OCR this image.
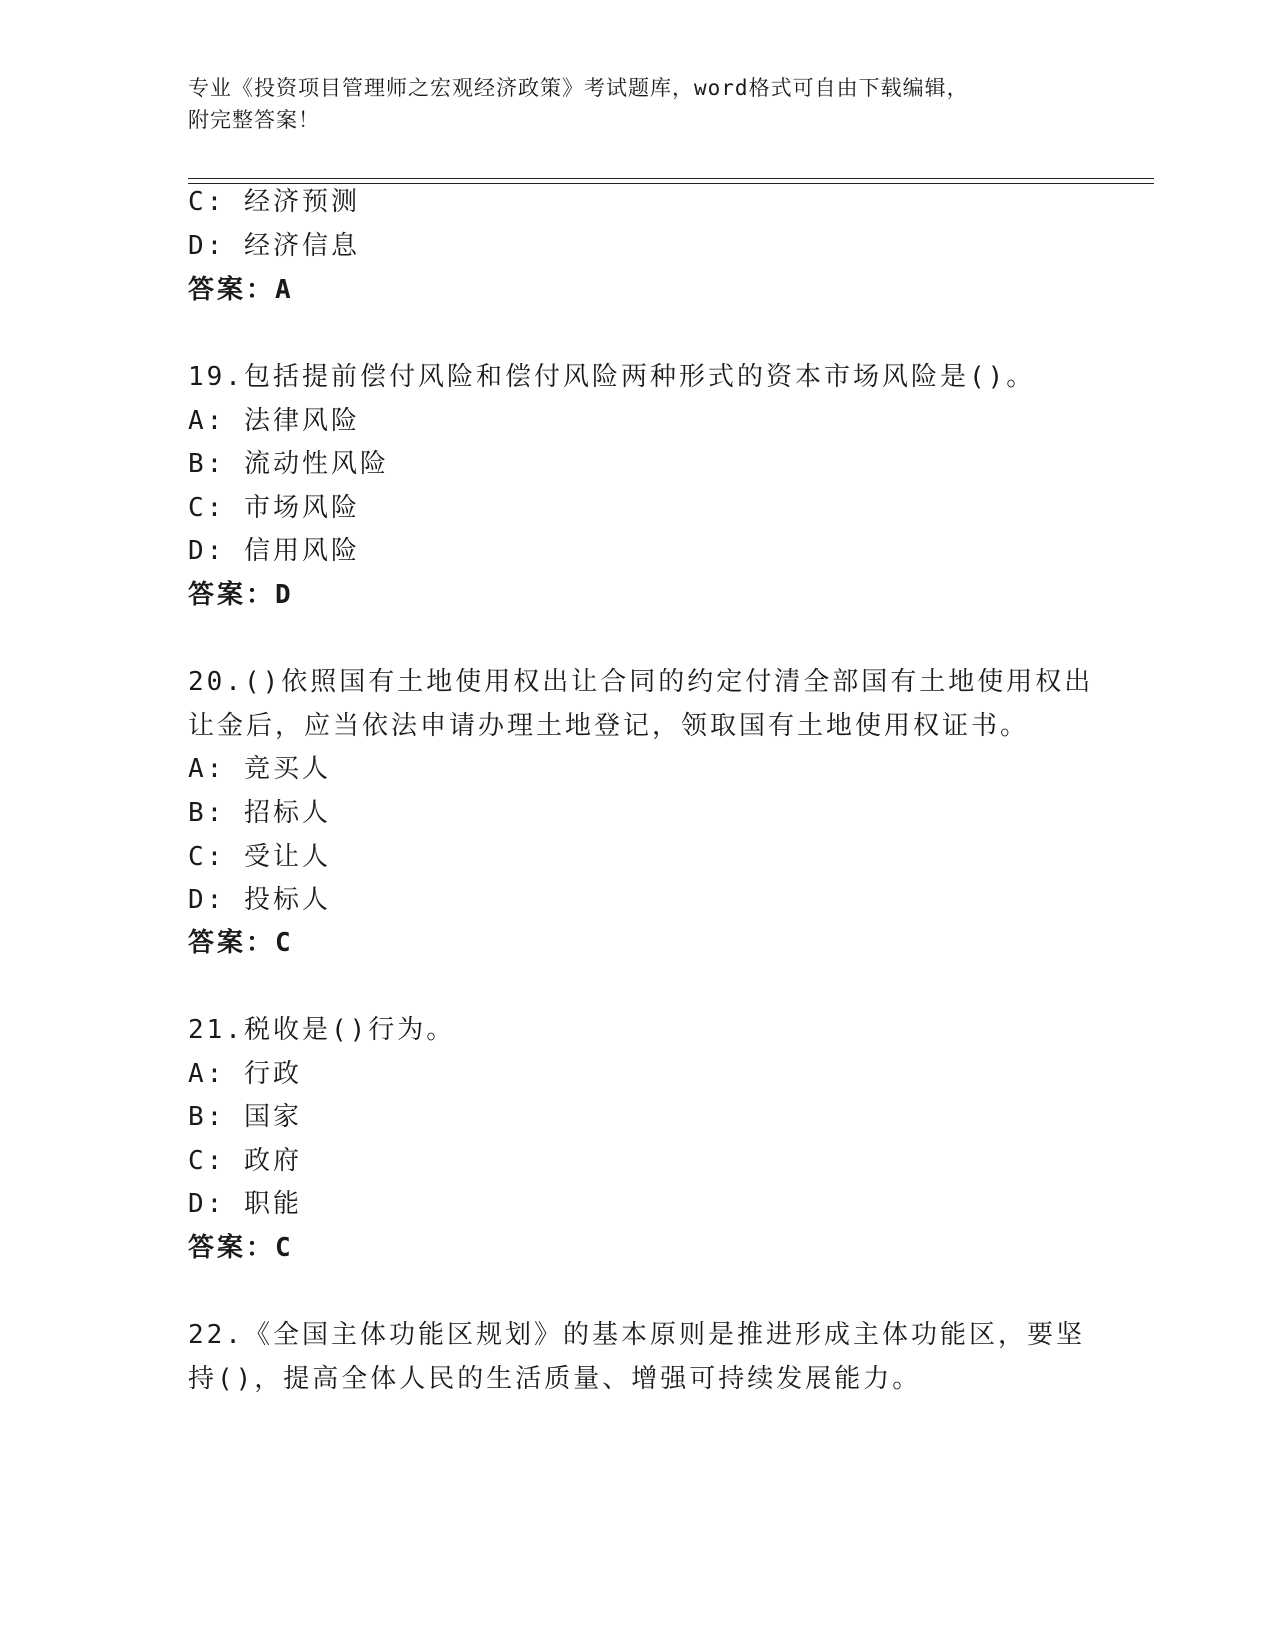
专业《投资项目管理师之宏观经济政策》考试题库，word格式可自由下载编辑，
附完整答案！
C: 经济预测
D: 经济信息
答案：A
19.包括提前偿付风险和偿付风险两种形式的资本市场风险是()。
A: 法律风险
B: 流动性风险
C: 市场风险
D: 信用风险
答案：D
20.()依照国有土地使用权出让合同的约定付清全部国有土地使用权出
让金后，应当依法申请办理土地登记，领取国有土地使用权证书。
A: 竞买人
B: 招标人
C: 受让人
D: 投标人
答案：C
21.税收是()行为。
A: 行政
B: 国家
C: 政府
D: 职能
答案：C
22.《全国主体功能区规划》的基本原则是推进形成主体功能区，要坚
持()，提高全体人民的生活质量、增强可持续发展能力。
